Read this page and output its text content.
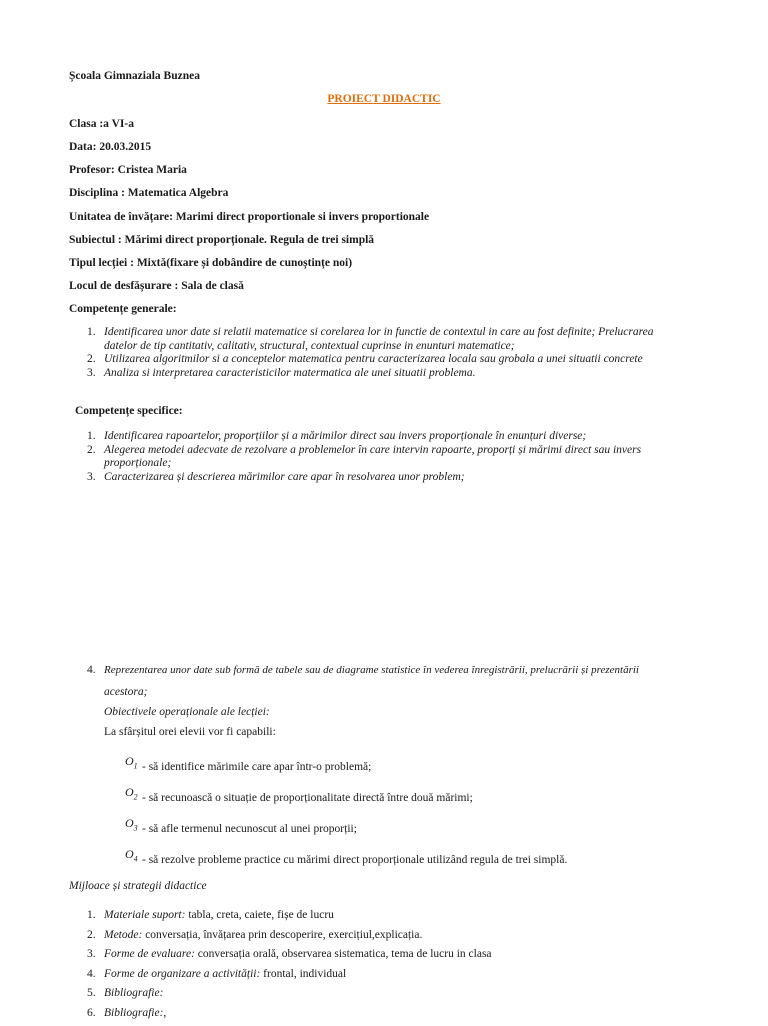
Școala Gimnaziala Buznea
PROIECT DIDACTIC
Clasa :a VI-a
Data: 20.03.2015
Profesor: Cristea Maria
Disciplina : Matematica Algebra
Unitatea de învățare: Marimi direct proportionale si invers proportionale
Subiectul : Mărimi direct proporționale. Regula de trei simplă
Tipul lecției : Mixtă(fixare și dobândire de cunoștințe noi)
Locul de desfășurare : Sala de clasă
Competențe generale:
1. Identificarea unor date si relatii matematice si corelarea lor in functie de contextul in care au fost definite; Prelucrarea datelor de tip cantitativ, calitativ, structural, contextual cuprinse in enunturi matematice;
2. Utilizarea algoritmilor si a conceptelor matematica pentru caracterizarea locala sau grobala a unei situatii concrete
3. Analiza si interpretarea caracteristicilor matermatica ale unei situatii problema.
Competențe specifice:
1. Identificarea rapoartelor, proporțiilor și a mărimilor direct sau invers proporționale în enunțuri diverse;
2. Alegerea metodei adecvate de rezolvare a problemelor în care intervin rapoarte, proporți și mărimi direct sau invers proporționale;
3. Caracterizarea și descrierea mărimilor care apar în resolvarea unor problem;
4. Reprezentarea unor date sub formă de tabele sau de diagrame statistice în vederea înregistrării, prelucrării și prezentării
acestora;
Obiectivele operaționale ale lecției:
La sfârșitul orei elevii vor fi capabili:
$O_1$ - să identifice mărimile care apar într-o problemă;
$O_2$ - să recunoască o situație de proporționalitate directă între două mărimi;
$O_3$ - să afle termenul necunoscut al unei proporții;
$O_4$ - să rezolve probleme practice cu mărimi direct proporționale utilizând regula de trei simplă.
Mijloace și strategii didactice
1. Materiale suport: tabla, creta, caiete, fișe de lucru
2. Metode: conversația, învățarea prin descoperire, exercițiul,explicația.
3. Forme de evaluare: conversația orală, observarea sistematica, tema de lucru in clasa
4. Forme de organizare a activității: frontal, individual
5. Bibliografie:
6. Bibliografie:,
